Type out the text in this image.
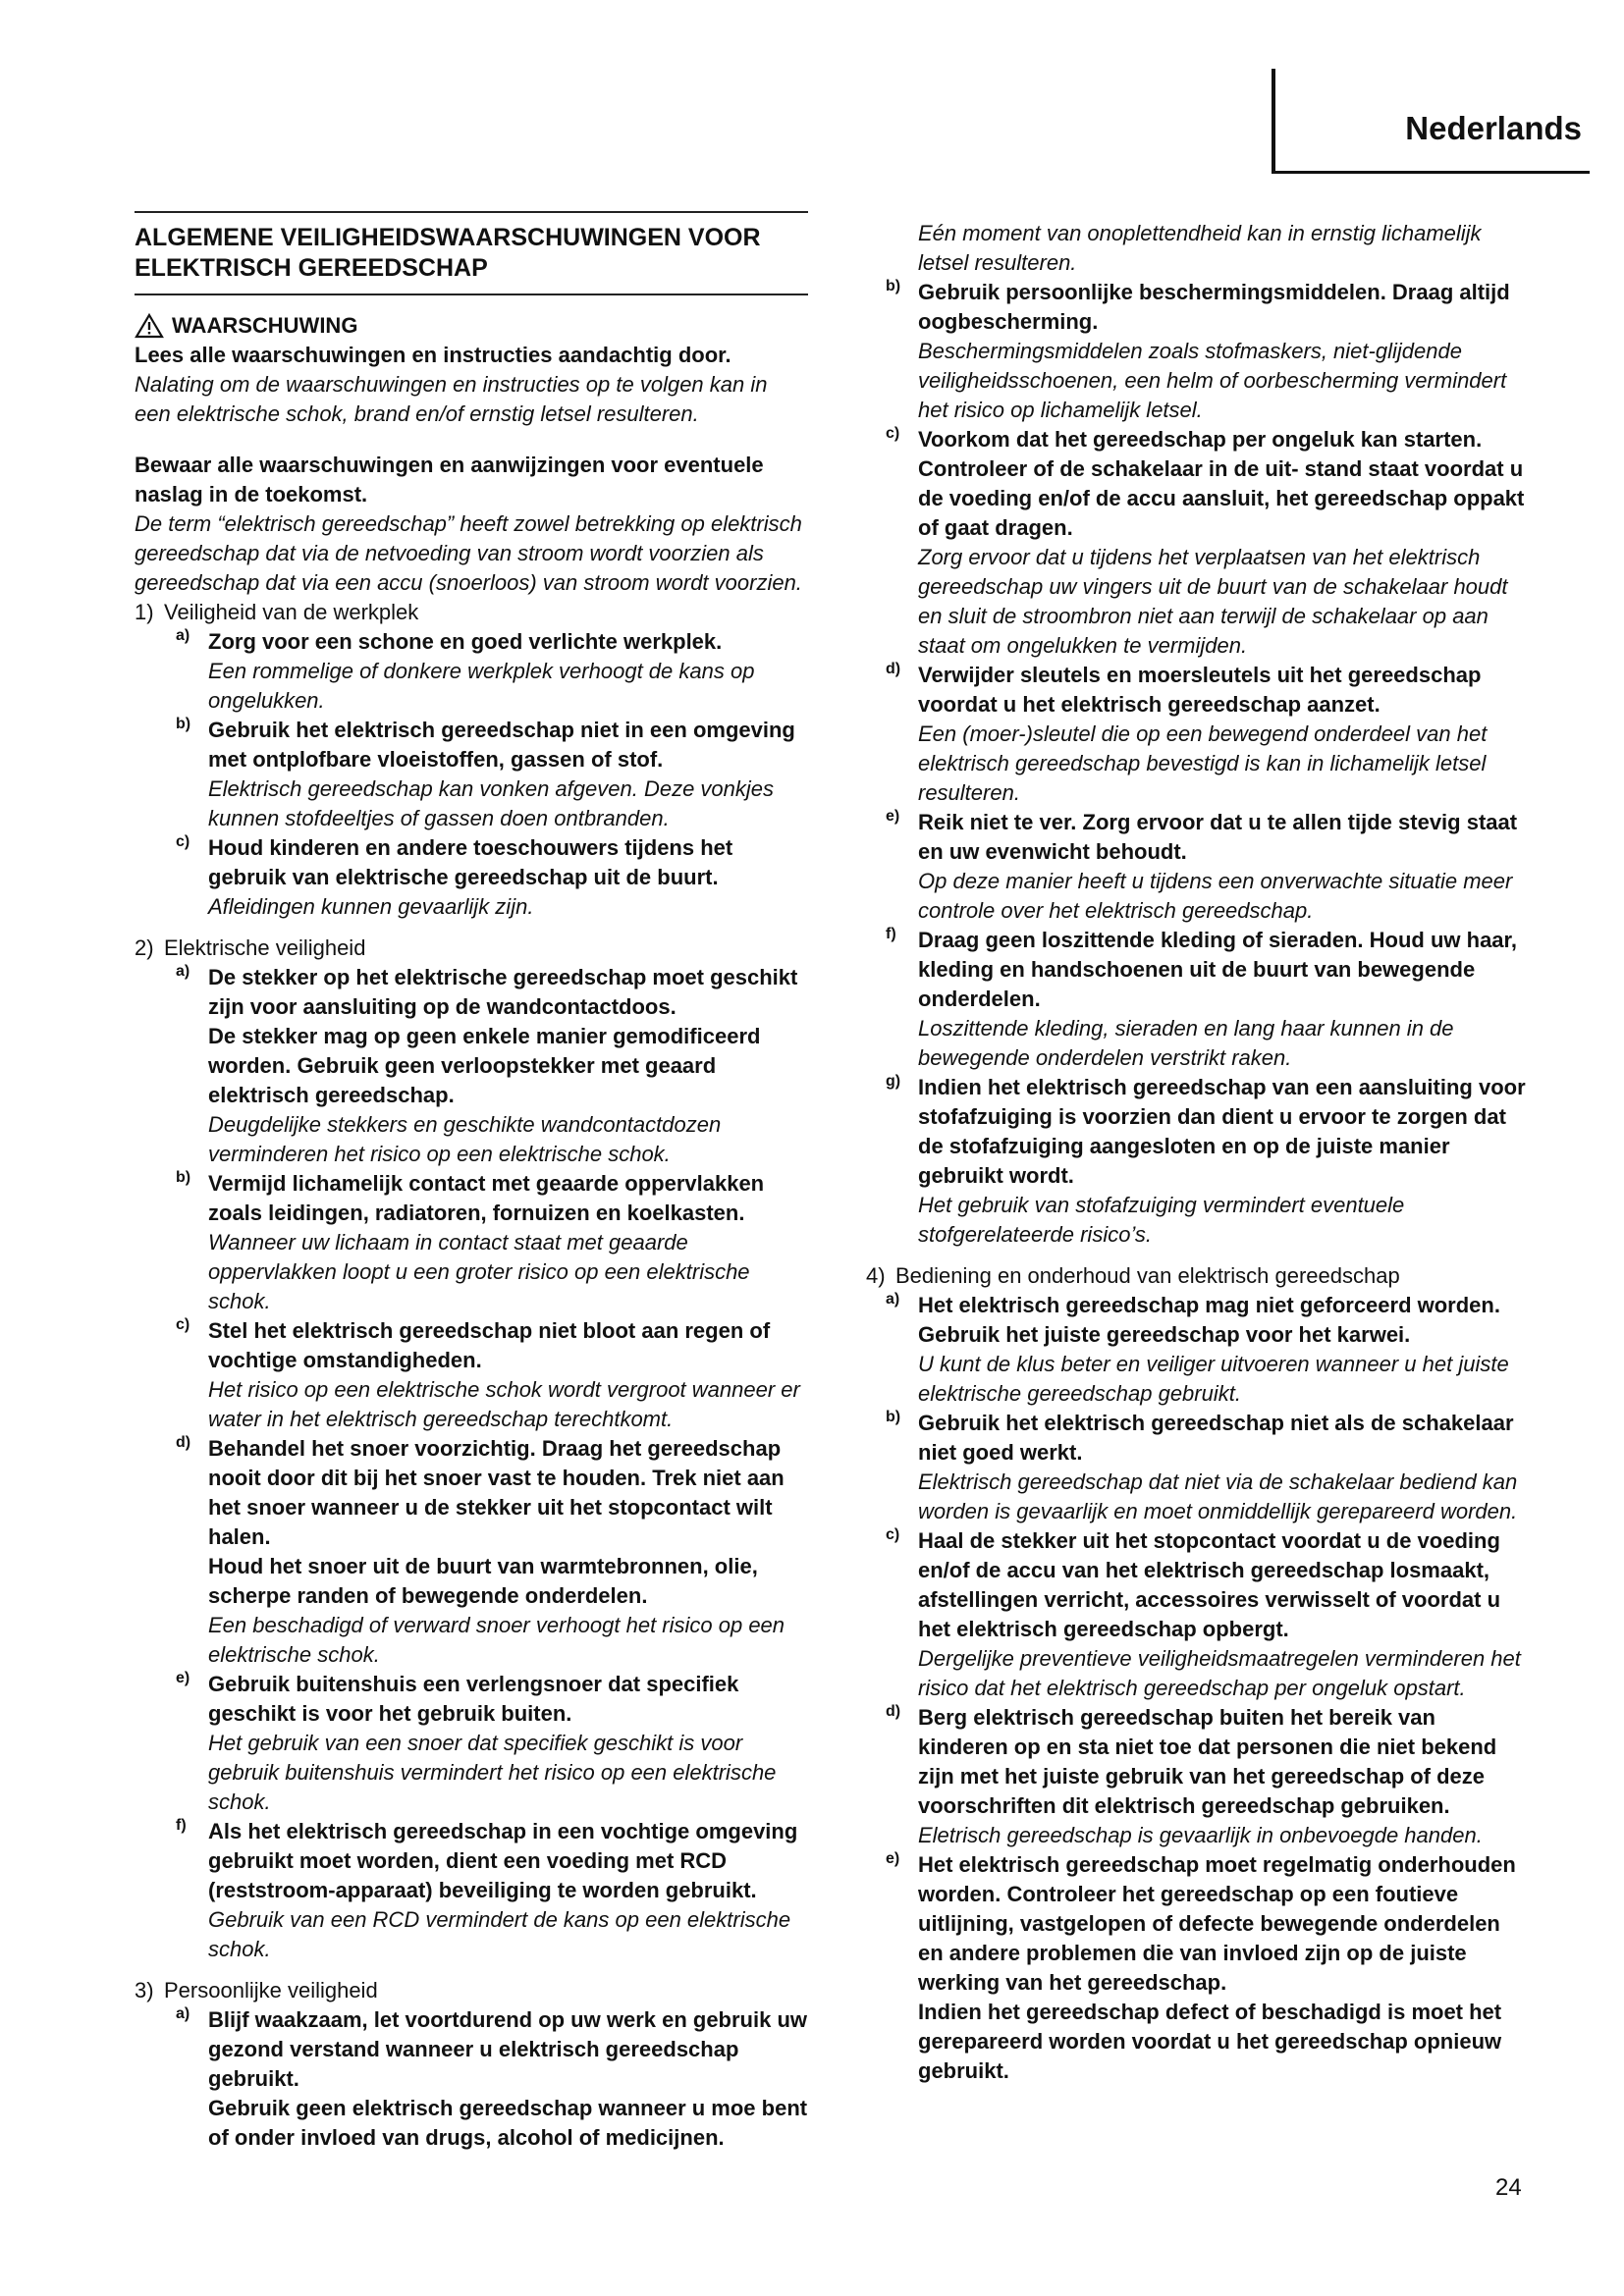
Nederlands
ALGEMENE VEILIGHEIDSWAARSCHUWINGEN VOOR ELEKTRISCH GEREEDSCHAP
WAARSCHUWING

Lees alle waarschuwingen en instructies aandachtig door.

Nalating om de waarschuwingen en instructies op te volgen kan in een elektrische schok, brand en/of ernstig letsel resulteren.

Bewaar alle waarschuwingen en aanwijzingen voor eventuele naslag in de toekomst.

De term “elektrisch gereedschap” heeft zowel betrekking op elektrisch gereedschap dat via de netvoeding van stroom wordt voorzien als gereedschap dat via een accu (snoerloos) van stroom wordt voorzien.

1) Veiligheid van de werkplek

a) Zorg voor een schone en goed verlichte werkplek.

Een rommelige of donkere werkplek verhoogt de kans op ongelukken.

b) Gebruik het elektrisch gereedschap niet in een omgeving met ontplofbare vloeistoffen, gassen of stof.

Elektrisch gereedschap kan vonken afgeven. Deze vonkjes kunnen stofdeeltjes of gassen doen ontbranden.

c) Houd kinderen en andere toeschouwers tijdens het gebruik van elektrische gereedschap uit de buurt.

Afleidingen kunnen gevaarlijk zijn.

2) Elektrische veiligheid

a) De stekker op het elektrische gereedschap moet geschikt zijn voor aansluiting op de wandcontactdoos.

De stekker mag op geen enkele manier gemodificeerd worden. Gebruik geen verloopstekker met geaard elektrisch gereedschap.

Deugdelijke stekkers en geschikte wandcontactdozen verminderen het risico op een elektrische schok.

b) Vermijd lichamelijk contact met geaarde oppervlakken zoals leidingen, radiatoren, fornuizen en koelkasten.

Wanneer uw lichaam in contact staat met geaarde oppervlakken loopt u een groter risico op een elektrische schok.

c) Stel het elektrisch gereedschap niet bloot aan regen of vochtige omstandigheden.

Het risico op een elektrische schok wordt vergroot wanneer er water in het elektrisch gereedschap terechtkomt.

d) Behandel het snoer voorzichtig. Draag het gereedschap nooit door dit bij het snoer vast te houden. Trek niet aan het snoer wanneer u de stekker uit het stopcontact wilt halen.

Houd het snoer uit de buurt van warmtebronnen, olie, scherpe randen of bewegende onderdelen.

Een beschadigd of verward snoer verhoogt het risico op een elektrische schok.

e) Gebruik buitenshuis een verlengsnoer dat specifiek geschikt is voor het gebruik buiten.

Het gebruik van een snoer dat specifiek geschikt is voor gebruik buitenshuis vermindert het risico op een elektrische schok.

f)	Als het elektrisch gereedschap in een vochtige omgeving gebruikt moet worden, dient een voeding met RCD (reststroom-apparaat) beveiliging te worden gebruikt.

Gebruik van een RCD vermindert de kans op een elektrische schok.

3) Persoonlijke veiligheid

a) Blijf waakzaam, let voortdurend op uw werk en gebruik uw gezond verstand wanneer u elektrisch gereedschap gebruikt.

Gebruik geen elektrisch gereedschap wanneer u moe bent of onder invloed van drugs, alcohol of medicijnen.

Eén moment van onoplettendheid kan in ernstig lichamelijk letsel resulteren.

b) Gebruik persoonlijke beschermingsmiddelen. Draag altijd oogbescherming.

Beschermingsmiddelen zoals stofmaskers, niet-glijdende veiligheidsschoenen, een helm of oorbescherming vermindert het risico op lichamelijk letsel.

c) Voorkom dat het gereedschap per ongeluk kan starten. Controleer of de schakelaar in de uit- stand staat voordat u de voeding en/of de accu aansluit, het gereedschap oppakt of gaat dragen.

Zorg ervoor dat u tijdens het verplaatsen van het elektrisch gereedschap uw vingers uit de buurt van de schakelaar houdt en sluit de stroombron niet aan terwijl de schakelaar op aan staat om ongelukken te vermijden.

d) Verwijder sleutels en moersleutels uit het gereedschap voordat u het elektrisch gereedschap aanzet.

Een (moer-)sleutel die op een bewegend onderdeel van het elektrisch gereedschap bevestigd is kan in lichamelijk letsel resulteren.

e) Reik niet te ver. Zorg ervoor dat u te allen tijde stevig staat en uw evenwicht behoudt.

Op deze manier heeft u tijdens een onverwachte situatie meer controle over het elektrisch gereedschap.

f)	Draag geen loszittende kleding of sieraden. Houd uw haar, kleding en handschoenen uit de buurt van bewegende onderdelen.

Loszittende kleding, sieraden en lang haar kunnen in de bewegende onderdelen verstrikt raken.

g) Indien het elektrisch gereedschap van een aansluiting voor stofafzuiging is voorzien dan dient u ervoor te zorgen dat de stofafzuiging aangesloten en op de juiste manier gebruikt wordt.

Het gebruik van stofafzuiging vermindert eventuele stofgerelateerde risico’s.

4) Bediening en onderhoud van elektrisch gereedschap

a) Het elektrisch gereedschap mag niet geforceerd worden. Gebruik het juiste gereedschap voor het karwei.

U kunt de klus beter en veiliger uitvoeren wanneer u het juiste elektrische gereedschap gebruikt.

b) Gebruik het elektrisch gereedschap niet als de schakelaar niet goed werkt.

Elektrisch gereedschap dat niet via de schakelaar bediend kan worden is gevaarlijk en moet onmiddellijk gerepareerd worden.

c) Haal de stekker uit het stopcontact voordat u de voeding en/of de accu van het elektrisch gereedschap losmaakt, afstellingen verricht, accessoires verwisselt of voordat u het elektrisch gereedschap opbergt.

Dergelijke preventieve veiligheidsmaatregelen verminderen het risico dat het elektrisch gereedschap per ongeluk opstart.

d) Berg elektrisch gereedschap buiten het bereik van kinderen op en sta niet toe dat personen die niet bekend zijn met het juiste gebruik van het gereedschap of deze voorschriften dit elektrisch gereedschap gebruiken.

Eletrisch gereedschap is gevaarlijk in onbevoegde handen.

e) Het elektrisch gereedschap moet regelmatig onderhouden worden. Controleer het gereedschap op een foutieve uitlijning, vastgelopen of defecte bewegende onderdelen en andere problemen die van invloed zijn op de juiste werking van het gereedschap.

Indien het gereedschap defect of beschadigd is moet het gerepareerd worden voordat u het gereedschap opnieuw gebruikt.

24
